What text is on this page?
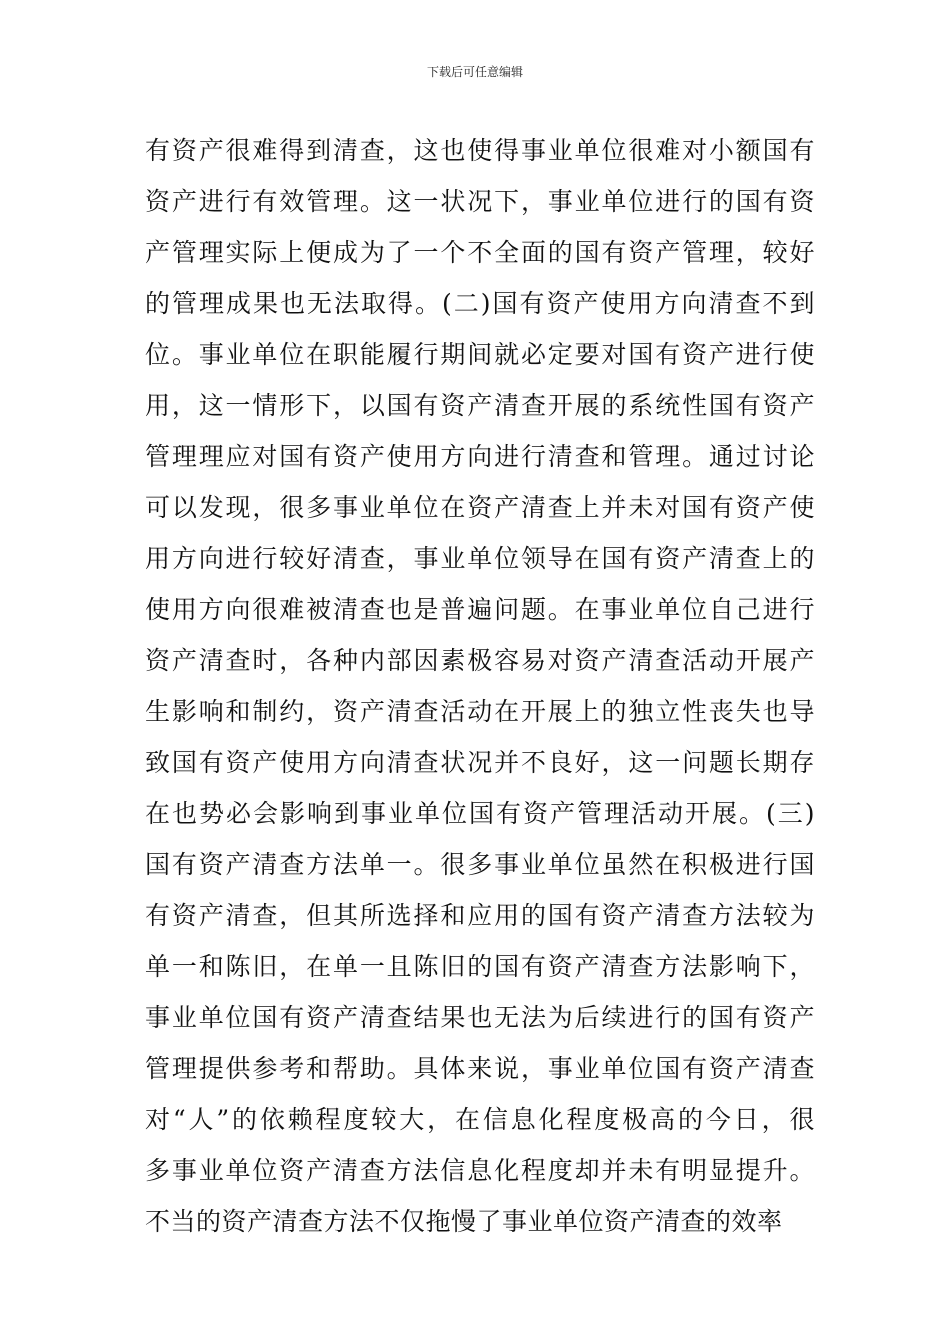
下载后可任意编辑
有资产很难得到清查，这也使得事业单位很难对小额国有
资产进行有效管理。这一状况下，事业单位进行的国有资
产管理实际上便成为了一个不全面的国有资产管理，较好
的管理成果也无法取得。(二)国有资产使用方向清查不到
位。事业单位在职能履行期间就必定要对国有资产进行使
用，这一情形下，以国有资产清查开展的系统性国有资产
管理理应对国有资产使用方向进行清查和管理。通过讨论
可以发现，很多事业单位在资产清查上并未对国有资产使
用方向进行较好清查，事业单位领导在国有资产清查上的
使用方向很难被清查也是普遍问题。在事业单位自己进行
资产清查时，各种内部因素极容易对资产清查活动开展产
生影响和制约，资产清查活动在开展上的独立性丧失也导
致国有资产使用方向清查状况并不良好，这一问题长期存
在也势必会影响到事业单位国有资产管理活动开展。(三)
国有资产清查方法单一。很多事业单位虽然在积极进行国
有资产清查，但其所选择和应用的国有资产清查方法较为
单一和陈旧，在单一且陈旧的国有资产清查方法影响下，
事业单位国有资产清查结果也无法为后续进行的国有资产
管理提供参考和帮助。具体来说，事业单位国有资产清查
对“人”的依赖程度较大，在信息化程度极高的今日，很
多事业单位资产清查方法信息化程度却并未有明显提升。
不当的资产清查方法不仅拖慢了事业单位资产清查的效率
